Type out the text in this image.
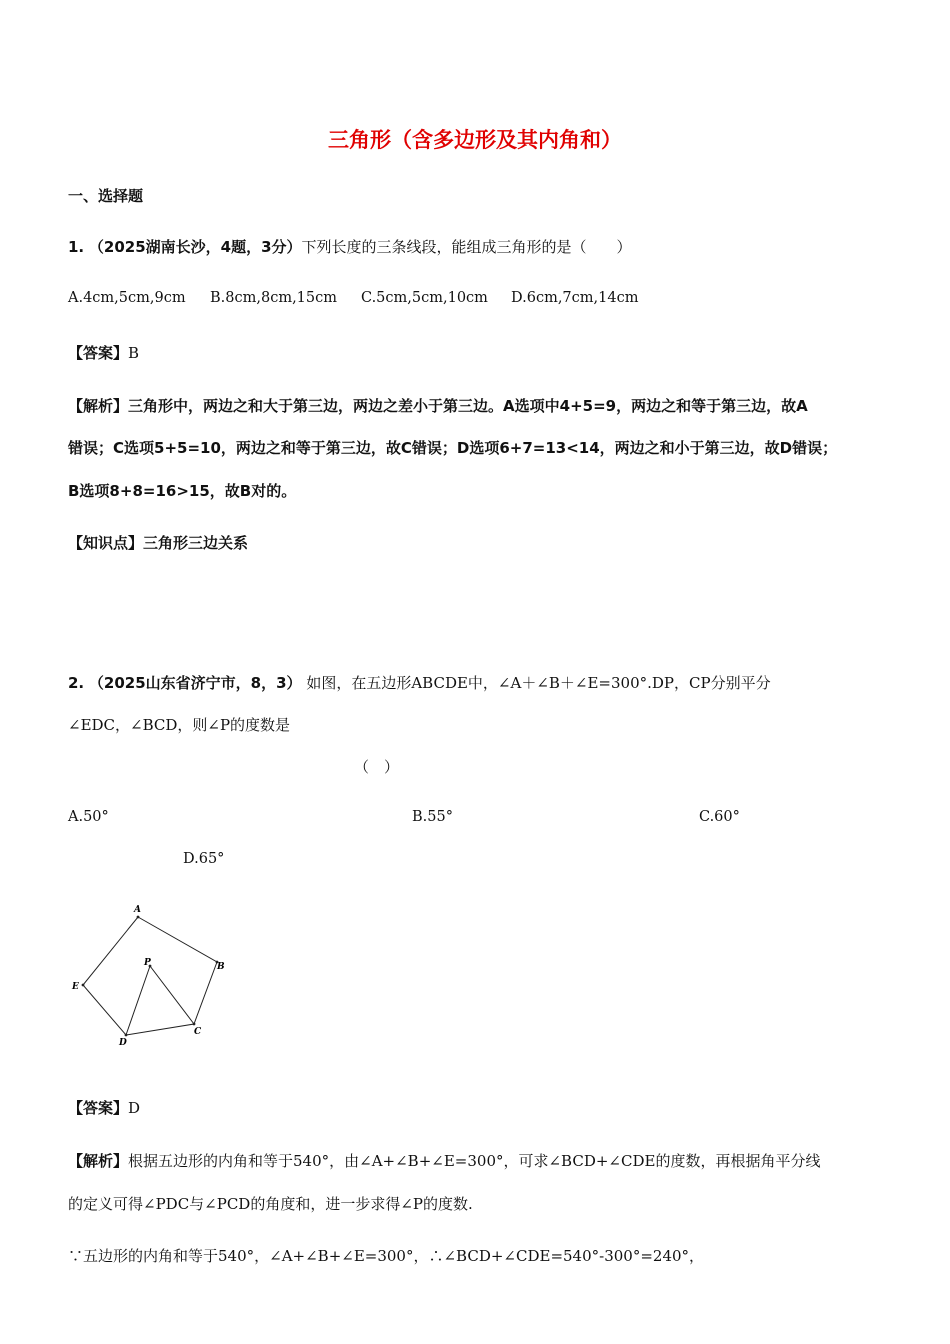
三角形（含多边形及其内角和）
一、选择题
1. （2025湖南长沙，4题，3分）下列长度的三条线段，能组成三角形的是（　　）
A.4cm,5cm,9cm B.8cm,8cm,15cm C.5cm,5cm,10cm D.6cm,7cm,14cm
【答案】B
【解析】三角形中，两边之和大于第三边，两边之差小于第三边。A选项中4+5=9，两边之和等于第三边，故A
错误；C选项5+5=10，两边之和等于第三边，故C错误；D选项6+7=13<14，两边之和小于第三边，故D错误；
B选项8+8=16>15，故B对的。
【知识点】三角形三边关系
2. （2025山东省济宁市，8，3） 如图，在五边形ABCDE中，∠A＋∠B＋∠E=300°.DP，CP分别平分
∠EDC，∠BCD，则∠P的度数是
（　）
A.50°	B.55°	C.60°
D.65°
A
B
C
D
E
P
【答案】D
【解析】根据五边形的内角和等于540°，由∠A+∠B+∠E=300°，可求∠BCD+∠CDE的度数，再根据角平分线
的定义可得∠PDC与∠PCD的角度和，进一步求得∠P的度数.
∵五边形的内角和等于540°，∠A+∠B+∠E=300°，∴∠BCD+∠CDE=540°-300°=240°，
